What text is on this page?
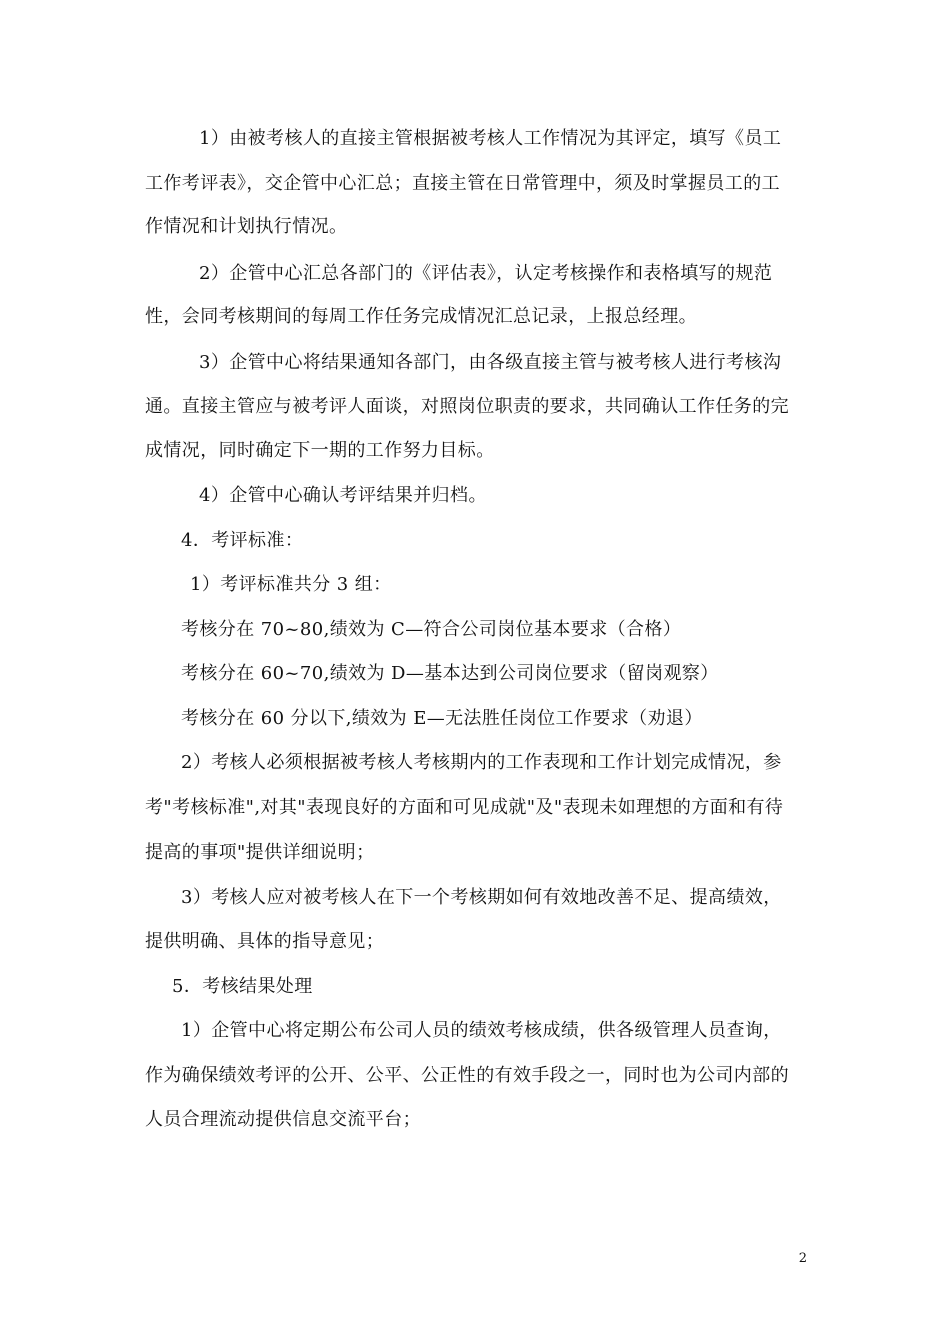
1）由被考核人的直接主管根据被考核人工作情况为其评定，填写《员工
工作考评表》，交企管中心汇总；直接主管在日常管理中，须及时掌握员工的工
作情况和计划执行情况。
2）企管中心汇总各部门的《评估表》，认定考核操作和表格填写的规范
性，会同考核期间的每周工作任务完成情况汇总记录，上报总经理。
3）企管中心将结果通知各部门，由各级直接主管与被考核人进行考核沟
通。直接主管应与被考评人面谈，对照岗位职责的要求，共同确认工作任务的完
成情况，同时确定下一期的工作努力目标。
4）企管中心确认考评结果并归档。
4．考评标准：
1）考评标准共分 3 组：
考核分在 70~80,绩效为 C—符合公司岗位基本要求（合格）
考核分在 60~70,绩效为 D—基本达到公司岗位要求（留岗观察）
考核分在 60 分以下,绩效为 E—无法胜任岗位工作要求（劝退）
2）考核人必须根据被考核人考核期内的工作表现和工作计划完成情况，参
考"考核标准",对其"表现良好的方面和可见成就"及"表现未如理想的方面和有待
提高的事项"提供详细说明；
3）考核人应对被考核人在下一个考核期如何有效地改善不足、提高绩效，
提供明确、具体的指导意见；
5．考核结果处理
1）企管中心将定期公布公司人员的绩效考核成绩，供各级管理人员查询，
作为确保绩效考评的公开、公平、公正性的有效手段之一，同时也为公司内部的
人员合理流动提供信息交流平台；
2
